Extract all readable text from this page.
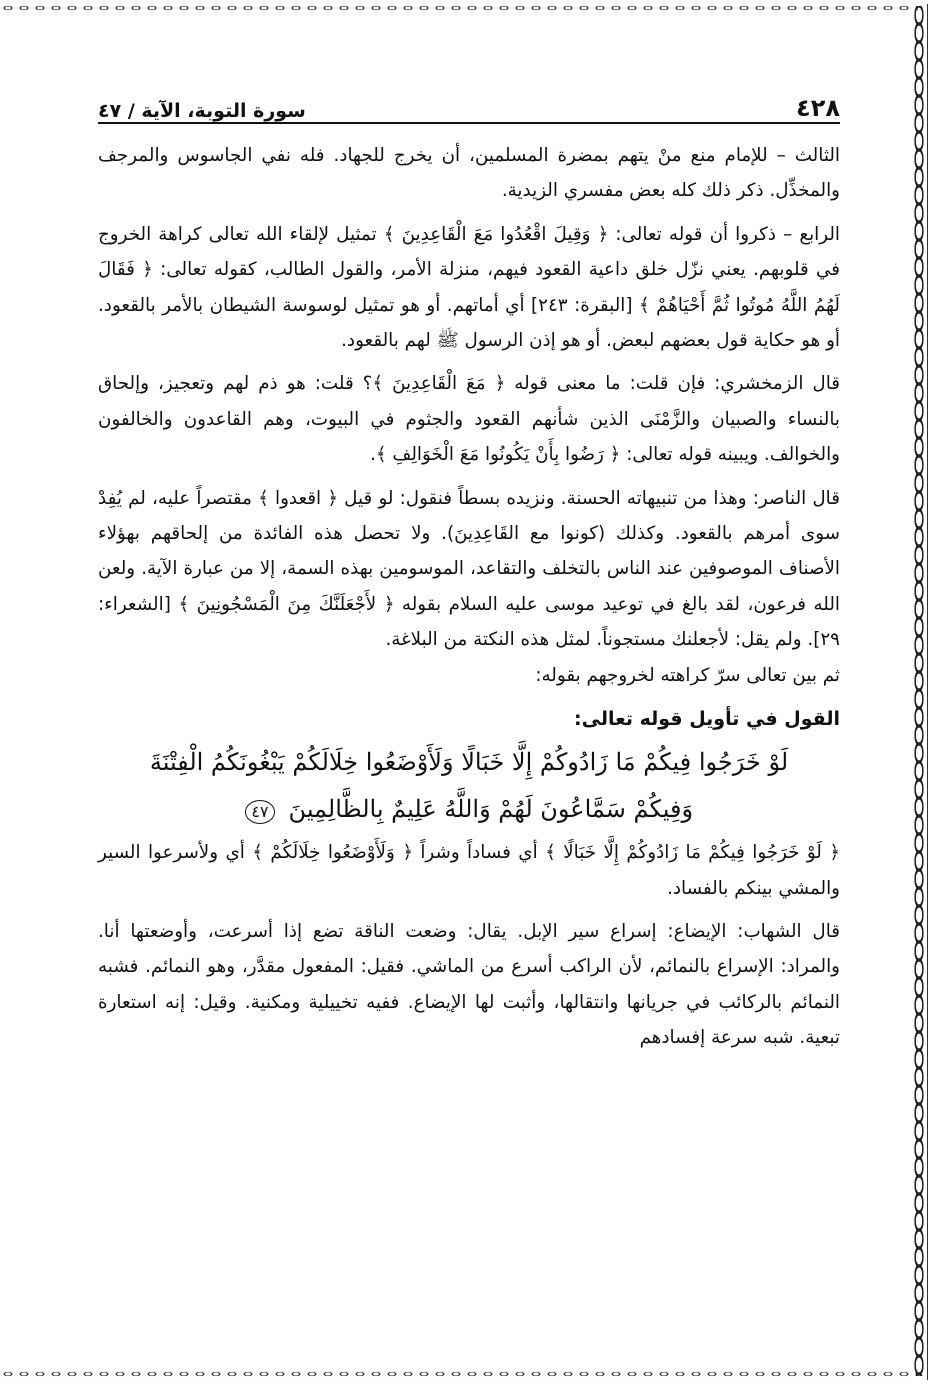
٤٢٨
سورة التوبة، الآية / ٤٧

الثالث – للإمام منع منْ يتهم بمضرة المسلمين، أن يخرج للجهاد. فله نفي الجاسوس والمرجف والمخذِّل. ذكر ذلك كله بعض مفسري الزيدية.

الرابع – ذكروا أن قوله تعالى: ﴿ وَقِيلَ اقْعُدُوا مَعَ الْقَاعِدِينَ ﴾ تمثيل لإلقاء الله تعالى كراهة الخروج في قلوبهم. يعني نزّل خلق داعية القعود فيهم، منزلة الأمر، والقول الطالب، كقوله تعالى: ﴿ فَقَالَ لَهُمُ اللَّهُ مُوتُوا ثُمَّ أَحْيَاهُمْ ﴾ [البقرة: ٢٤٣] أي أماتهم. أو هو تمثيل لوسوسة الشيطان بالأمر بالقعود. أو هو حكاية قول بعضهم لبعض. أو هو إذن الرسول ﷺ لهم بالقعود.

قال الزمخشري: فإن قلت: ما معنى قوله ﴿ مَعَ الْقَاعِدِينَ ﴾؟ قلت: هو ذم لهم وتعجيز، وإلحاق بالنساء والصبيان والزَّمْنَى الذين شأنهم القعود والجثوم في البيوت، وهم القاعدون والخالفون والخوالف. ويبينه قوله تعالى: ﴿ رَضُوا بِأَنْ يَكُونُوا مَعَ الْخَوَالِفِ ﴾.

قال الناصر: وهذا من تنبيهاته الحسنة. ونزيده بسطاً فنقول: لو قيل ﴿ اقعدوا ﴾ مقتصراً عليه، لم يُفِدْ سوى أمرهم بالقعود. وكذلك (كونوا مع القَاعِدِينَ). ولا تحصل هذه الفائدة من إلحاقهم بهؤلاء الأصناف الموصوفين عند الناس بالتخلف والتقاعد، الموسومين بهذه السمة، إلا من عبارة الآية. ولعن الله فرعون، لقد بالغ في توعيد موسى عليه السلام بقوله ﴿ لأَجْعَلَنَّكَ مِنَ الْمَسْجُونِينَ ﴾ [الشعراء: ٢٩]. ولم يقل: لأجعلنك مستجوناً. لمثل هذه النكتة من البلاغة.

ثم بين تعالى سرّ كراهته لخروجهم بقوله:

القول في تأويل قوله تعالى:
لَوْ خَرَجُوا فِيكُمْ مَا زَادُوكُمْ إِلَّا خَبَالًا وَلَأَوْضَعُوا خِلَالَكُمْ يَبْغُونَكُمُ الْفِتْنَةَ
وَفِيكُمْ سَمَّاعُونَ لَهُمْ وَاللَّهُ عَلِيمٌ بِالظَّالِمِينَ ٤٧

﴿ لَوْ خَرَجُوا فِيكُمْ مَا زَادُوكُمْ إِلَّا خَبَالًا ﴾ أي فساداً وشراً ﴿ وَلَأَوْضَعُوا خِلَالَكُمْ ﴾ أي ولأسرعوا السير والمشي بينكم بالفساد.

قال الشهاب: الإيضاع: إسراع سير الإبل. يقال: وضعت الناقة تضع إذا أسرعت، وأوضعتها أنا. والمراد: الإسراع بالنمائم، لأن الراكب أسرع من الماشي. فقيل: المفعول مقدَّر، وهو النمائم. فشبه النمائم بالركائب في جريانها وانتقالها، وأثبت لها الإيضاع. ففيه تخييلية ومكنية. وقيل: إنه استعارة تبعية. شبه سرعة إفسادهم
